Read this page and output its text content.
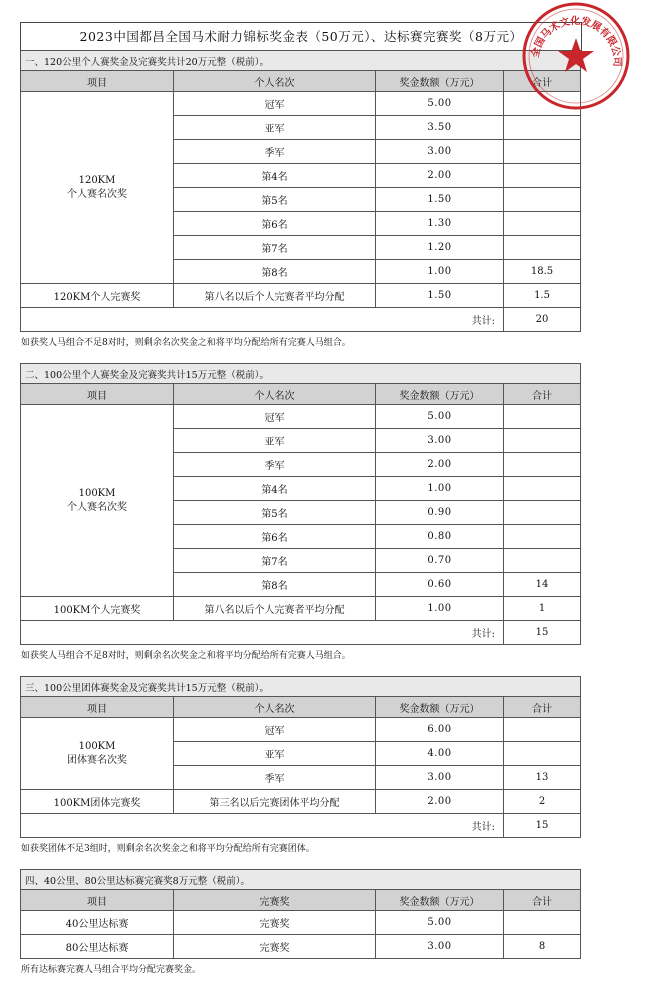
2023中国都昌全国马术耐力锦标奖金表（50万元）、达标赛完赛奖（8万元）
一、120公里个人赛奖金及完赛奖共计20万元整（税前）。			
项目	个人名次	奖金数额（万元）	合计
120KM
个人赛名次奖	冠军	5.00	
	亚军	3.50	
	季军	3.00	
	第4名	2.00	
	第5名	1.50	
	第6名	1.30	
	第7名	1.20	
	第8名	1.00	18.5
120KM个人完赛奖	第八名以后个人完赛者平均分配	1.50	1.5
共计:			20
如获奖人马组合不足8对时，则剩余名次奖金之和将平均分配给所有完赛人马组合。
二、100公里个人赛奖金及完赛奖共计15万元整（税前）。			
项目	个人名次	奖金数额（万元）	合计
100KM
个人赛名次奖	冠军	5.00	
	亚军	3.00	
	季军	2.00	
	第4名	1.00	
	第5名	0.90	
	第6名	0.80	
	第7名	0.70	
	第8名	0.60	14
100KM个人完赛奖	第八名以后个人完赛者平均分配	1.00	1
共计:			15
如获奖人马组合不足8对时，则剩余名次奖金之和将平均分配给所有完赛人马组合。
三、100公里团体赛奖金及完赛奖共计15万元整（税前）。			
项目	个人名次	奖金数额（万元）	合计
100KM
团体赛名次奖	冠军	6.00	
	亚军	4.00	
	季军	3.00	13
100KM团体完赛奖	第三名以后完赛团体平均分配	2.00	2
共计:			15
如获奖团体不足3组时，则剩余名次奖金之和将平均分配给所有完赛团体。
四、40公里、80公里达标赛完赛奖8万元整（税前）。			
项目	完赛奖	奖金数额（万元）	合计
40公里达标赛	完赛奖	5.00	
80公里达标赛	完赛奖	3.00	8
所有达标赛完赛人马组合平均分配完赛奖金。
全国马术文化发展有限公司
